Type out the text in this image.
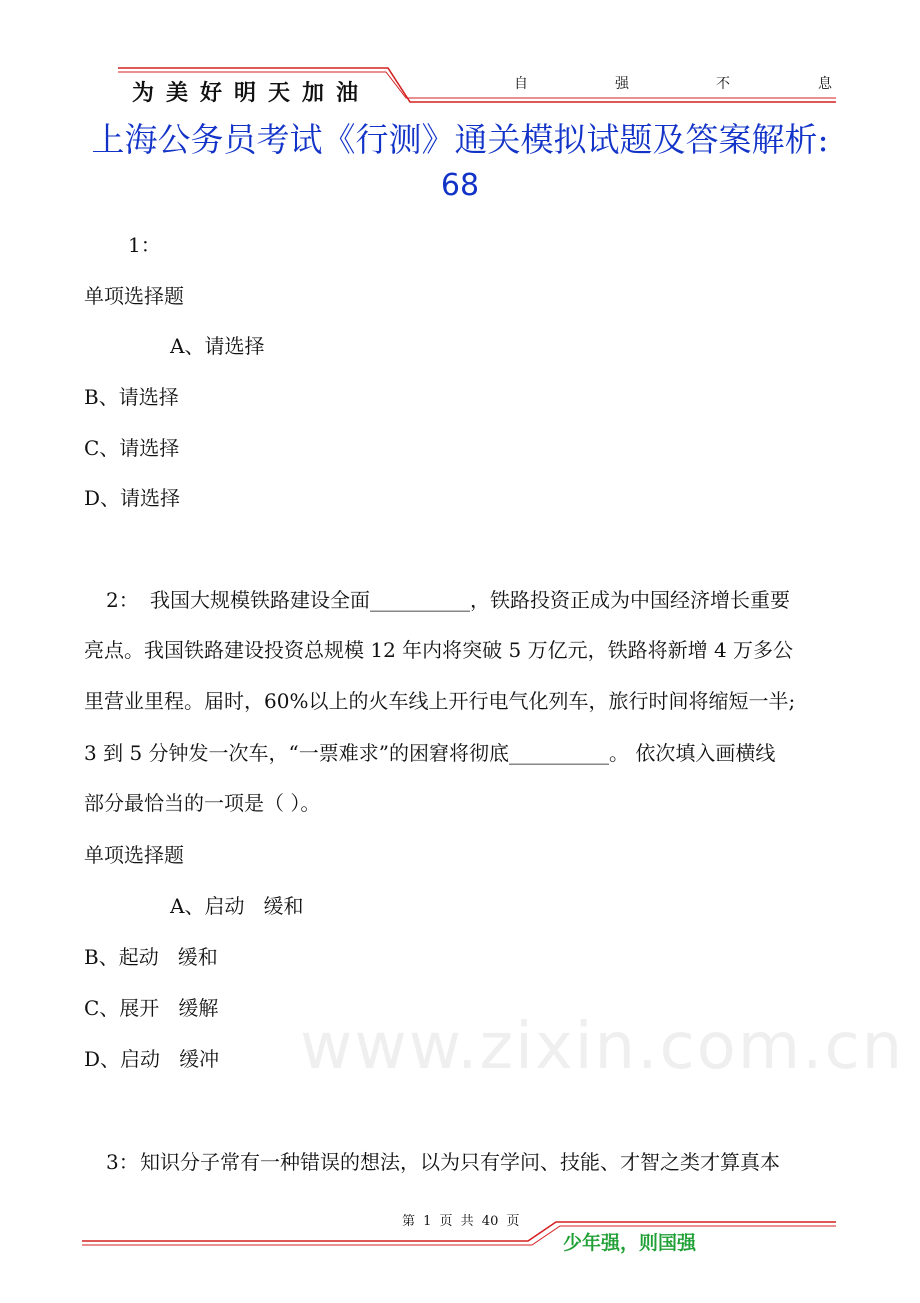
为美好明天加油	自	强	不	息
上海公务员考试《行测》通关模拟试题及答案解析:
68
www.zixin.com.cn
1：
单项选择题
A、请选择
B、请选择
C、请选择
D、请选择
2： 我国大规模铁路建设全面__________，铁路投资正成为中国经济增长重要
亮点。我国铁路建设投资总规模 12 年内将突破 5 万亿元，铁路将新增 4 万多公
里营业里程。届时，60%以上的火车线上开行电气化列车，旅行时间将缩短一半;
3 到 5 分钟发一次车，“一票难求”的困窘将彻底__________。 依次填入画横线
部分最恰当的一项是（ ）。
单项选择题
A、启动   缓和
B、起动   缓和
C、展开   缓解
D、启动   缓冲
3： 知识分子常有一种错误的想法，以为只有学问、技能、才智之类才算真本
第 1 页 共 40 页
少年强，则国强
